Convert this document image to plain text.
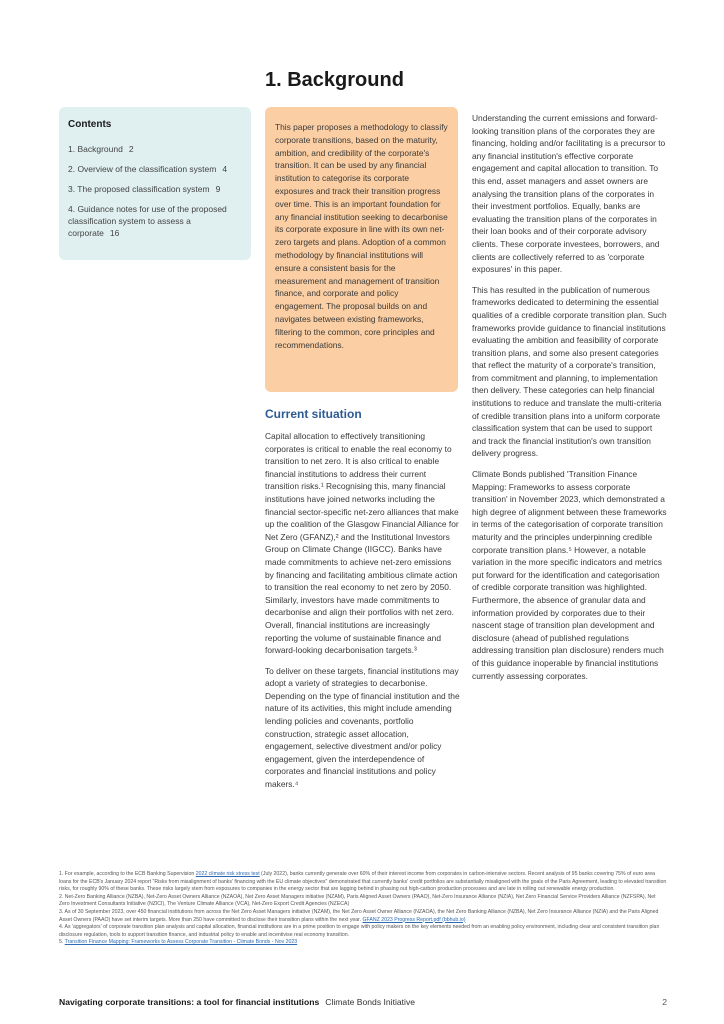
1. Background
Contents
1. Background 2
2. Overview of the classification system 4
3. The proposed classification system 9
4. Guidance notes for use of the proposed classification system to assess a corporate 16
This paper proposes a methodology to classify corporate transitions, based on the maturity, ambition, and credibility of the corporate's transition. It can be used by any financial institution to categorise its corporate exposures and track their transition progress over time. This is an important foundation for any financial institution seeking to decarbonise its corporate exposure in line with its own net-zero targets and plans. Adoption of a common methodology by financial institutions will ensure a consistent basis for the measurement and management of transition finance, and corporate and policy engagement. The proposal builds on and navigates between existing frameworks, filtering to the common, core principles and recommendations.
Current situation

Capital allocation to effectively transitioning corporates is critical to enable the real economy to transition to net zero. It is also critical to enable financial institutions to address their current transition risks.¹ Recognising this, many financial institutions have joined networks including the financial sector-specific net-zero alliances that make up the coalition of the Glasgow Financial Alliance for Net Zero (GFANZ),² and the Institutional Investors Group on Climate Change (IIGCC). Banks have made commitments to achieve net-zero emissions by financing and facilitating ambitious climate action to transition the real economy to net zero by 2050. Similarly, investors have made commitments to decarbonise and align their portfolios with net zero. Overall, financial institutions are increasingly reporting the volume of sustainable finance and forward-looking decarbonisation targets.³

To deliver on these targets, financial institutions may adopt a variety of strategies to decarbonise. Depending on the type of financial institution and the nature of its activities, this might include amending lending policies and covenants, portfolio construction, strategic asset allocation, engagement, selective divestment and/or policy engagement, given the interdependence of corporates and financial institutions and policy makers.⁴

Understanding the current emissions and forward-looking transition plans of the corporates they are financing, holding and/or facilitating is a precursor to any financial institution's effective corporate engagement and capital allocation to transition. To this end, asset managers and asset owners are analysing the transition plans of the corporates in their investment portfolios. Equally, banks are evaluating the transition plans of the corporates in their loan books and of their corporate advisory clients. These corporate investees, borrowers, and clients are collectively referred to as 'corporate exposures' in this paper.

This has resulted in the publication of numerous frameworks dedicated to determining the essential qualities of a credible corporate transition plan. Such frameworks provide guidance to financial institutions evaluating the ambition and feasibility of corporate transition plans, and some also present categories that reflect the maturity of a corporate's transition, from commitment and planning, to implementation then delivery. These categories can help financial institutions to reduce and translate the multi-criteria of credible transition plans into a uniform corporate classification system that can be used to support and track the financial institution's own transition delivery progress.

Climate Bonds published 'Transition Finance Mapping: Frameworks to assess corporate transition' in November 2023, which demonstrated a high degree of alignment between these frameworks in terms of the categorisation of corporate transition maturity and the principles underpinning credible corporate transition plans.⁵ However, a notable variation in the more specific indicators and metrics put forward for the identification and categorisation of credible corporate transition was highlighted. Furthermore, the absence of granular data and information provided by corporates due to their nascent stage of transition plan development and disclosure (ahead of published regulations addressing transition plan disclosure) renders much of this guidance inoperable by financial institutions currently assessing corporates.

1. For example, according to the ECB Banking Supervision 2022 climate risk stress test (July 2022), banks currently generate over 60% of their interest income from corporates in carbon-intensive sectors. Recent analysis of 95 banks covering 75% of euro area loans for the ECB's January 2024 report "Risks from misalignment of banks' financing with the EU climate objectives" demonstrated that currently banks' credit portfolios are substantially misaligned with the goals of the Paris Agreement, leading to elevated transition risks, for roughly 90% of these banks. These risks largely stem from exposures to companies in the energy sector that are lagging behind in phasing out high-carbon production processes and are late in rolling out renewable energy production.

2. Net-Zero Banking Alliance (NZBA), Net-Zero Asset Owners Alliance (NZAOA), Net Zero Asset Managers initiative (NZAM), Paris Aligned Asset Owners (PAAO), Net-Zero Insurance Alliance (NZIA), Net Zero Financial Service Providers Alliance (NZFSPA), Net Zero Investment Consultants Initiative (NZICI), The Venture Climate Alliance (VCA), Net-Zero Export Credit Agencies (NZECA)

3. As of 30 September 2023, over 450 financial institutions from across the Net Zero Asset Managers initiative (NZAM), the Net Zero Asset Owner Alliance (NZAOA), the Net Zero Banking Alliance (NZBA), Net Zero Insurance Alliance (NZIA) and the Paris Aligned Asset Owners (PAAO) have set interim targets. More than 250 have committed to disclose their transition plans within the next year. GFANZ 2023 Progress Report.pdf (bbhub.io)

4. As 'aggregators' of corporate transition plan analysis and capital allocation, financial institutions are in a prime position to engage with policy makers on the key elements needed from an enabling policy environment, including clear and consistent transition plan disclosure regulation, tools to support transition finance, and industrial policy to enable and incentivise real economy transition.

5. Transition Finance Mapping: Frameworks to Assess Corporate Transition - Climate Bonds - Nov 2023

Navigating corporate transitions: a tool for financial institutions Climate Bonds Initiative	2
